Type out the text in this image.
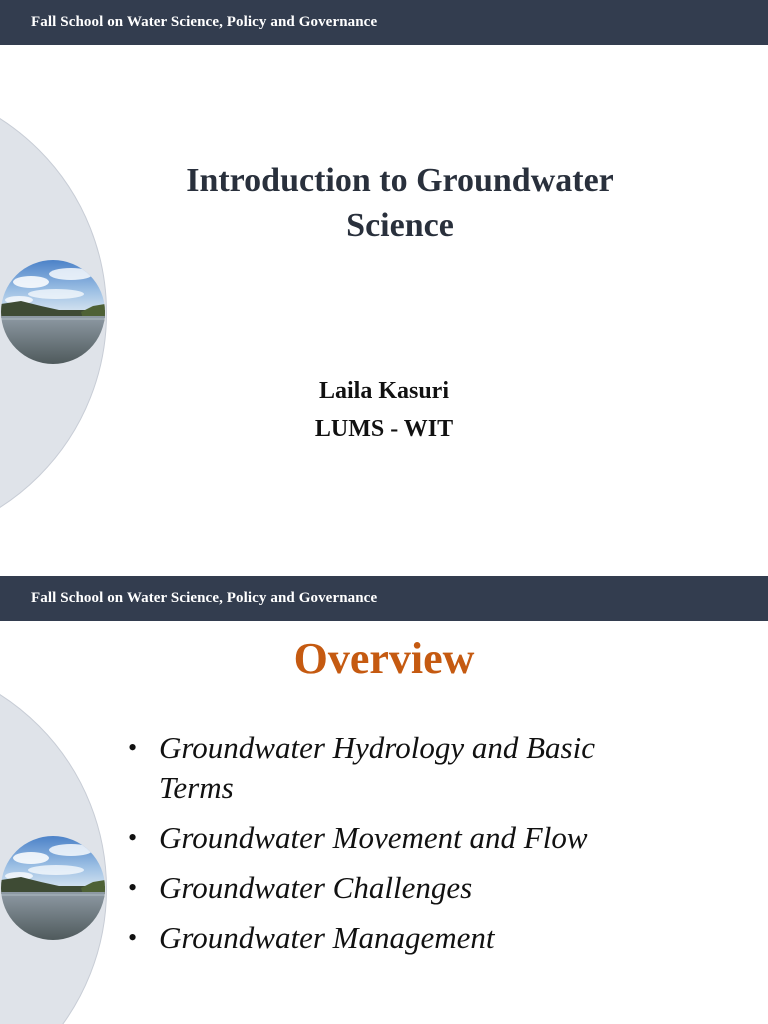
Fall School on Water Science, Policy and Governance
Introduction to Groundwater
Science
Laila Kasuri
LUMS - WIT
Fall School on Water Science, Policy and Governance
Overview
• Groundwater Hydrology and Basic
Terms
• Groundwater Movement and Flow
• Groundwater Challenges
• Groundwater Management
